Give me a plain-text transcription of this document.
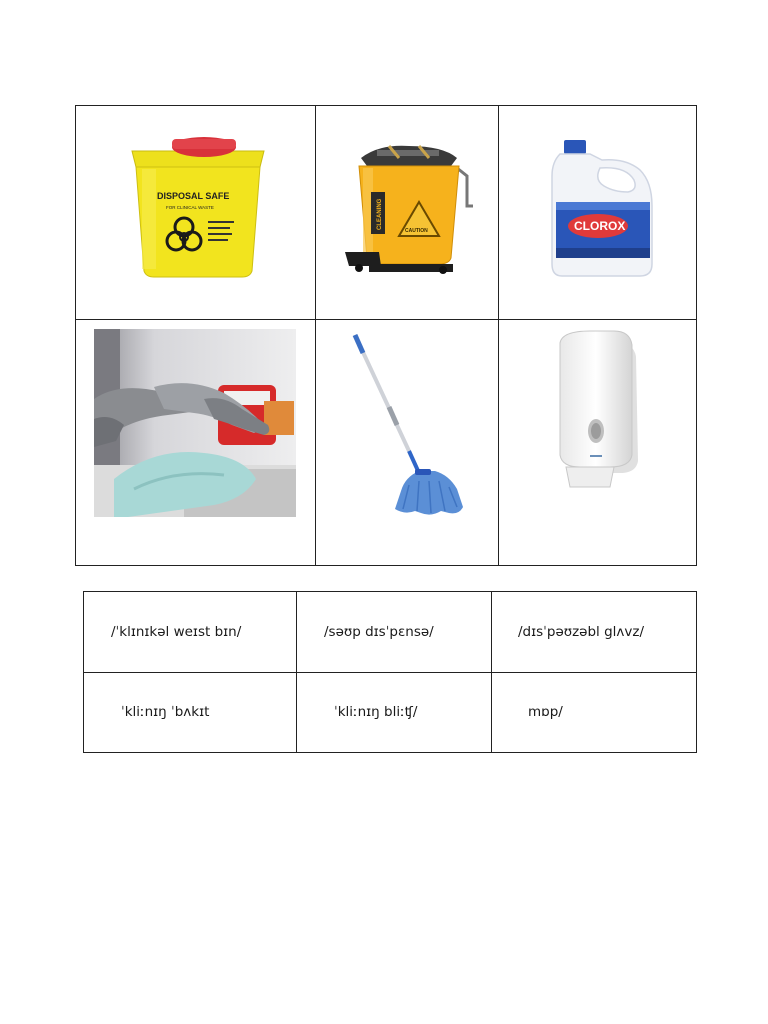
DISPOSAL SAFE
FOR CLINICAL WASTE	CLEANING
CAUTION	CLOROX
/ˈklɪnɪkəl weɪst bɪn/	/səʊp dɪsˈpɛnsə/	/dɪsˈpəʊzəbl glʌvz/
ˈkliːnɪŋ ˈbʌkɪt	ˈkliːnɪŋ bliːʧ/	mɒp/
